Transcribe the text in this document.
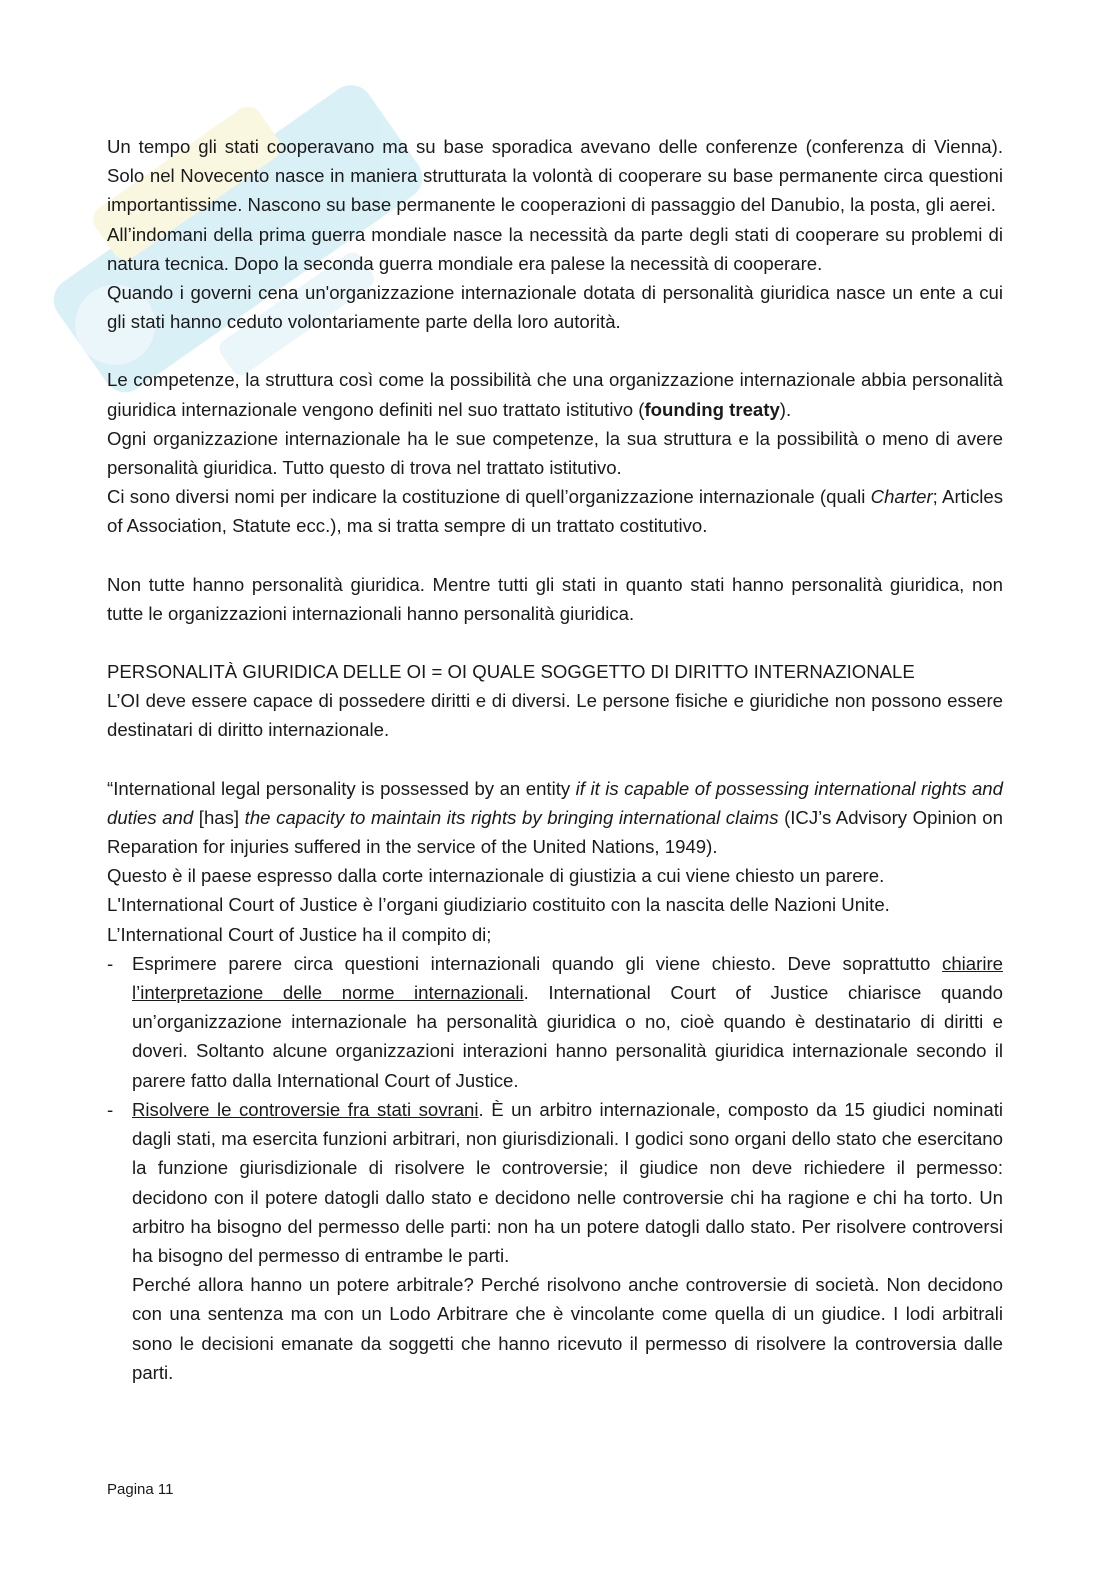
Un tempo gli stati cooperavano ma su base sporadica avevano delle conferenze (conferenza di Vienna). Solo nel Novecento nasce in maniera strutturata la volontà di cooperare su base permanente circa questioni importantissime. Nascono su base permanente le cooperazioni di passaggio del Danubio, la posta, gli aerei.

All’indomani della prima guerra mondiale nasce la necessità da parte degli stati di cooperare su problemi di natura tecnica. Dopo la seconda guerra mondiale era palese la necessità di cooperare.

Quando i governi cena un'organizzazione internazionale dotata di personalità giuridica nasce un ente a cui gli stati hanno ceduto volontariamente parte della loro autorità.

Le competenze, la struttura così come la possibilità che una organizzazione internazionale abbia personalità giuridica internazionale vengono definiti nel suo trattato istitutivo (founding treaty).

Ogni organizzazione internazionale ha le sue competenze, la sua struttura e la possibilità o meno di avere personalità giuridica. Tutto questo di trova nel trattato istitutivo.

Ci sono diversi nomi per indicare la costituzione di quell’organizzazione internazionale (quali Charter; Articles of Association, Statute ecc.), ma si tratta sempre di un trattato costitutivo.

Non tutte hanno personalità giuridica. Mentre tutti gli stati in quanto stati hanno personalità giuridica, non tutte le organizzazioni internazionali hanno personalità giuridica.

PERSONALITÀ GIURIDICA DELLE OI = OI QUALE SOGGETTO DI DIRITTO INTERNAZIONALE

L’OI deve essere capace di possedere diritti e di diversi. Le persone fisiche e giuridiche non possono essere destinatari di diritto internazionale.

“International legal personality is possessed by an entity if it is capable of possessing international rights and duties and [has] the capacity to maintain its rights by bringing international claims (ICJ’s Advisory Opinion on Reparation for injuries suffered in the service of the United Nations, 1949).

Questo è il paese espresso dalla corte internazionale di giustizia a cui viene chiesto un parere.

L'International Court of Justice è l’organi giudiziario costituito con la nascita delle Nazioni Unite.

L’International Court of Justice ha il compito di;

- Esprimere parere circa questioni internazionali quando gli viene chiesto. Deve soprattutto chiarire l’interpretazione delle norme internazionali. International Court of Justice chiarisce quando un’organizzazione internazionale ha personalità giuridica o no, cioè quando è destinatario di diritti e doveri. Soltanto alcune organizzazioni interazioni hanno personalità giuridica internazionale secondo il parere fatto dalla International Court of Justice.
- Risolvere le controversie fra stati sovrani. È un arbitro internazionale, composto da 15 giudici nominati dagli stati, ma esercita funzioni arbitrari, non giurisdizionali. I godici sono organi dello stato che esercitano la funzione giurisdizionale di risolvere le controversie; il giudice non deve richiedere il permesso: decidono con il potere datogli dallo stato e decidono nelle controversie chi ha ragione e chi ha torto. Un arbitro ha bisogno del permesso delle parti: non ha un potere datogli dallo stato. Per risolvere controversi ha bisogno del permesso di entrambe le parti.
Perché allora hanno un potere arbitrale? Perché risolvono anche controversie di società. Non decidono con una sentenza ma con un Lodo Arbitrare che è vincolante come quella di un giudice. I lodi arbitrali sono le decisioni emanate da soggetti che hanno ricevuto il permesso di risolvere la controversia dalle parti.
Pagina 11
